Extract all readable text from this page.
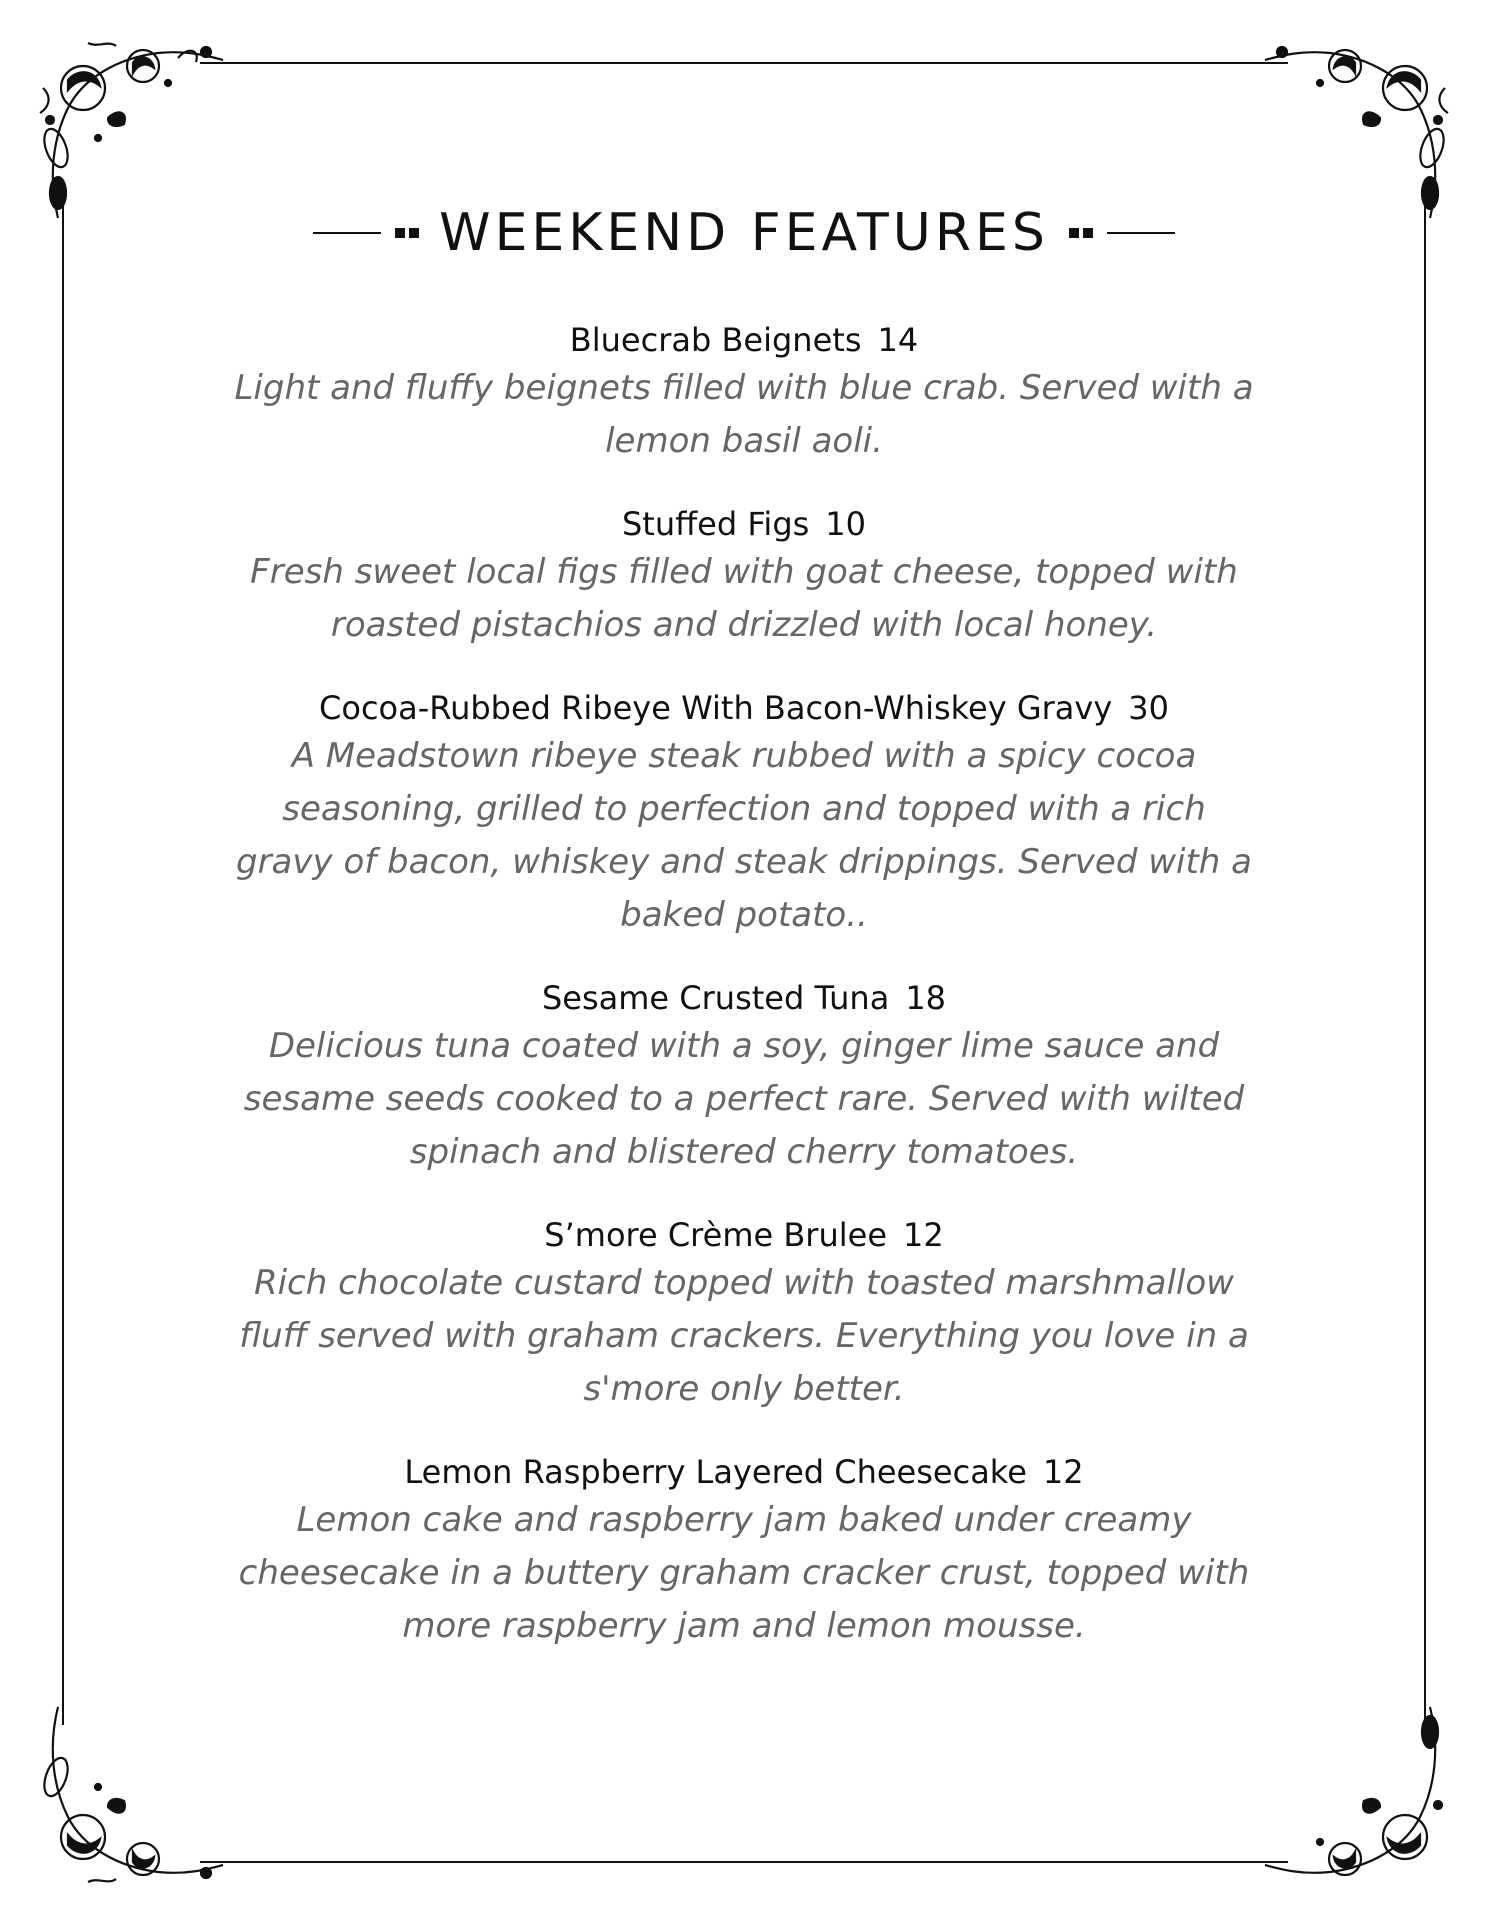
WEEKEND FEATURES
Bluecrab Beignets 14
Light and fluffy beignets filled with blue crab. Served with a lemon basil aoli.
Stuffed Figs 10
Fresh sweet local figs filled with goat cheese, topped with roasted pistachios and drizzled with local honey.
Cocoa-Rubbed Ribeye With Bacon-Whiskey Gravy 30
A Meadstown ribeye steak rubbed with a spicy cocoa seasoning, grilled to perfection and topped with a rich gravy of bacon, whiskey and steak drippings. Served with a baked potato..
Sesame Crusted Tuna 18
Delicious tuna coated with a soy, ginger lime sauce and sesame seeds cooked to a perfect rare. Served with wilted spinach and blistered cherry tomatoes.
S’more Crème Brulee 12
Rich chocolate custard topped with toasted marshmallow fluff served with graham crackers. Everything you love in a s'more only better.
Lemon Raspberry Layered Cheesecake 12
Lemon cake and raspberry jam baked under creamy cheesecake in a buttery graham cracker crust, topped with more raspberry jam and lemon mousse.
